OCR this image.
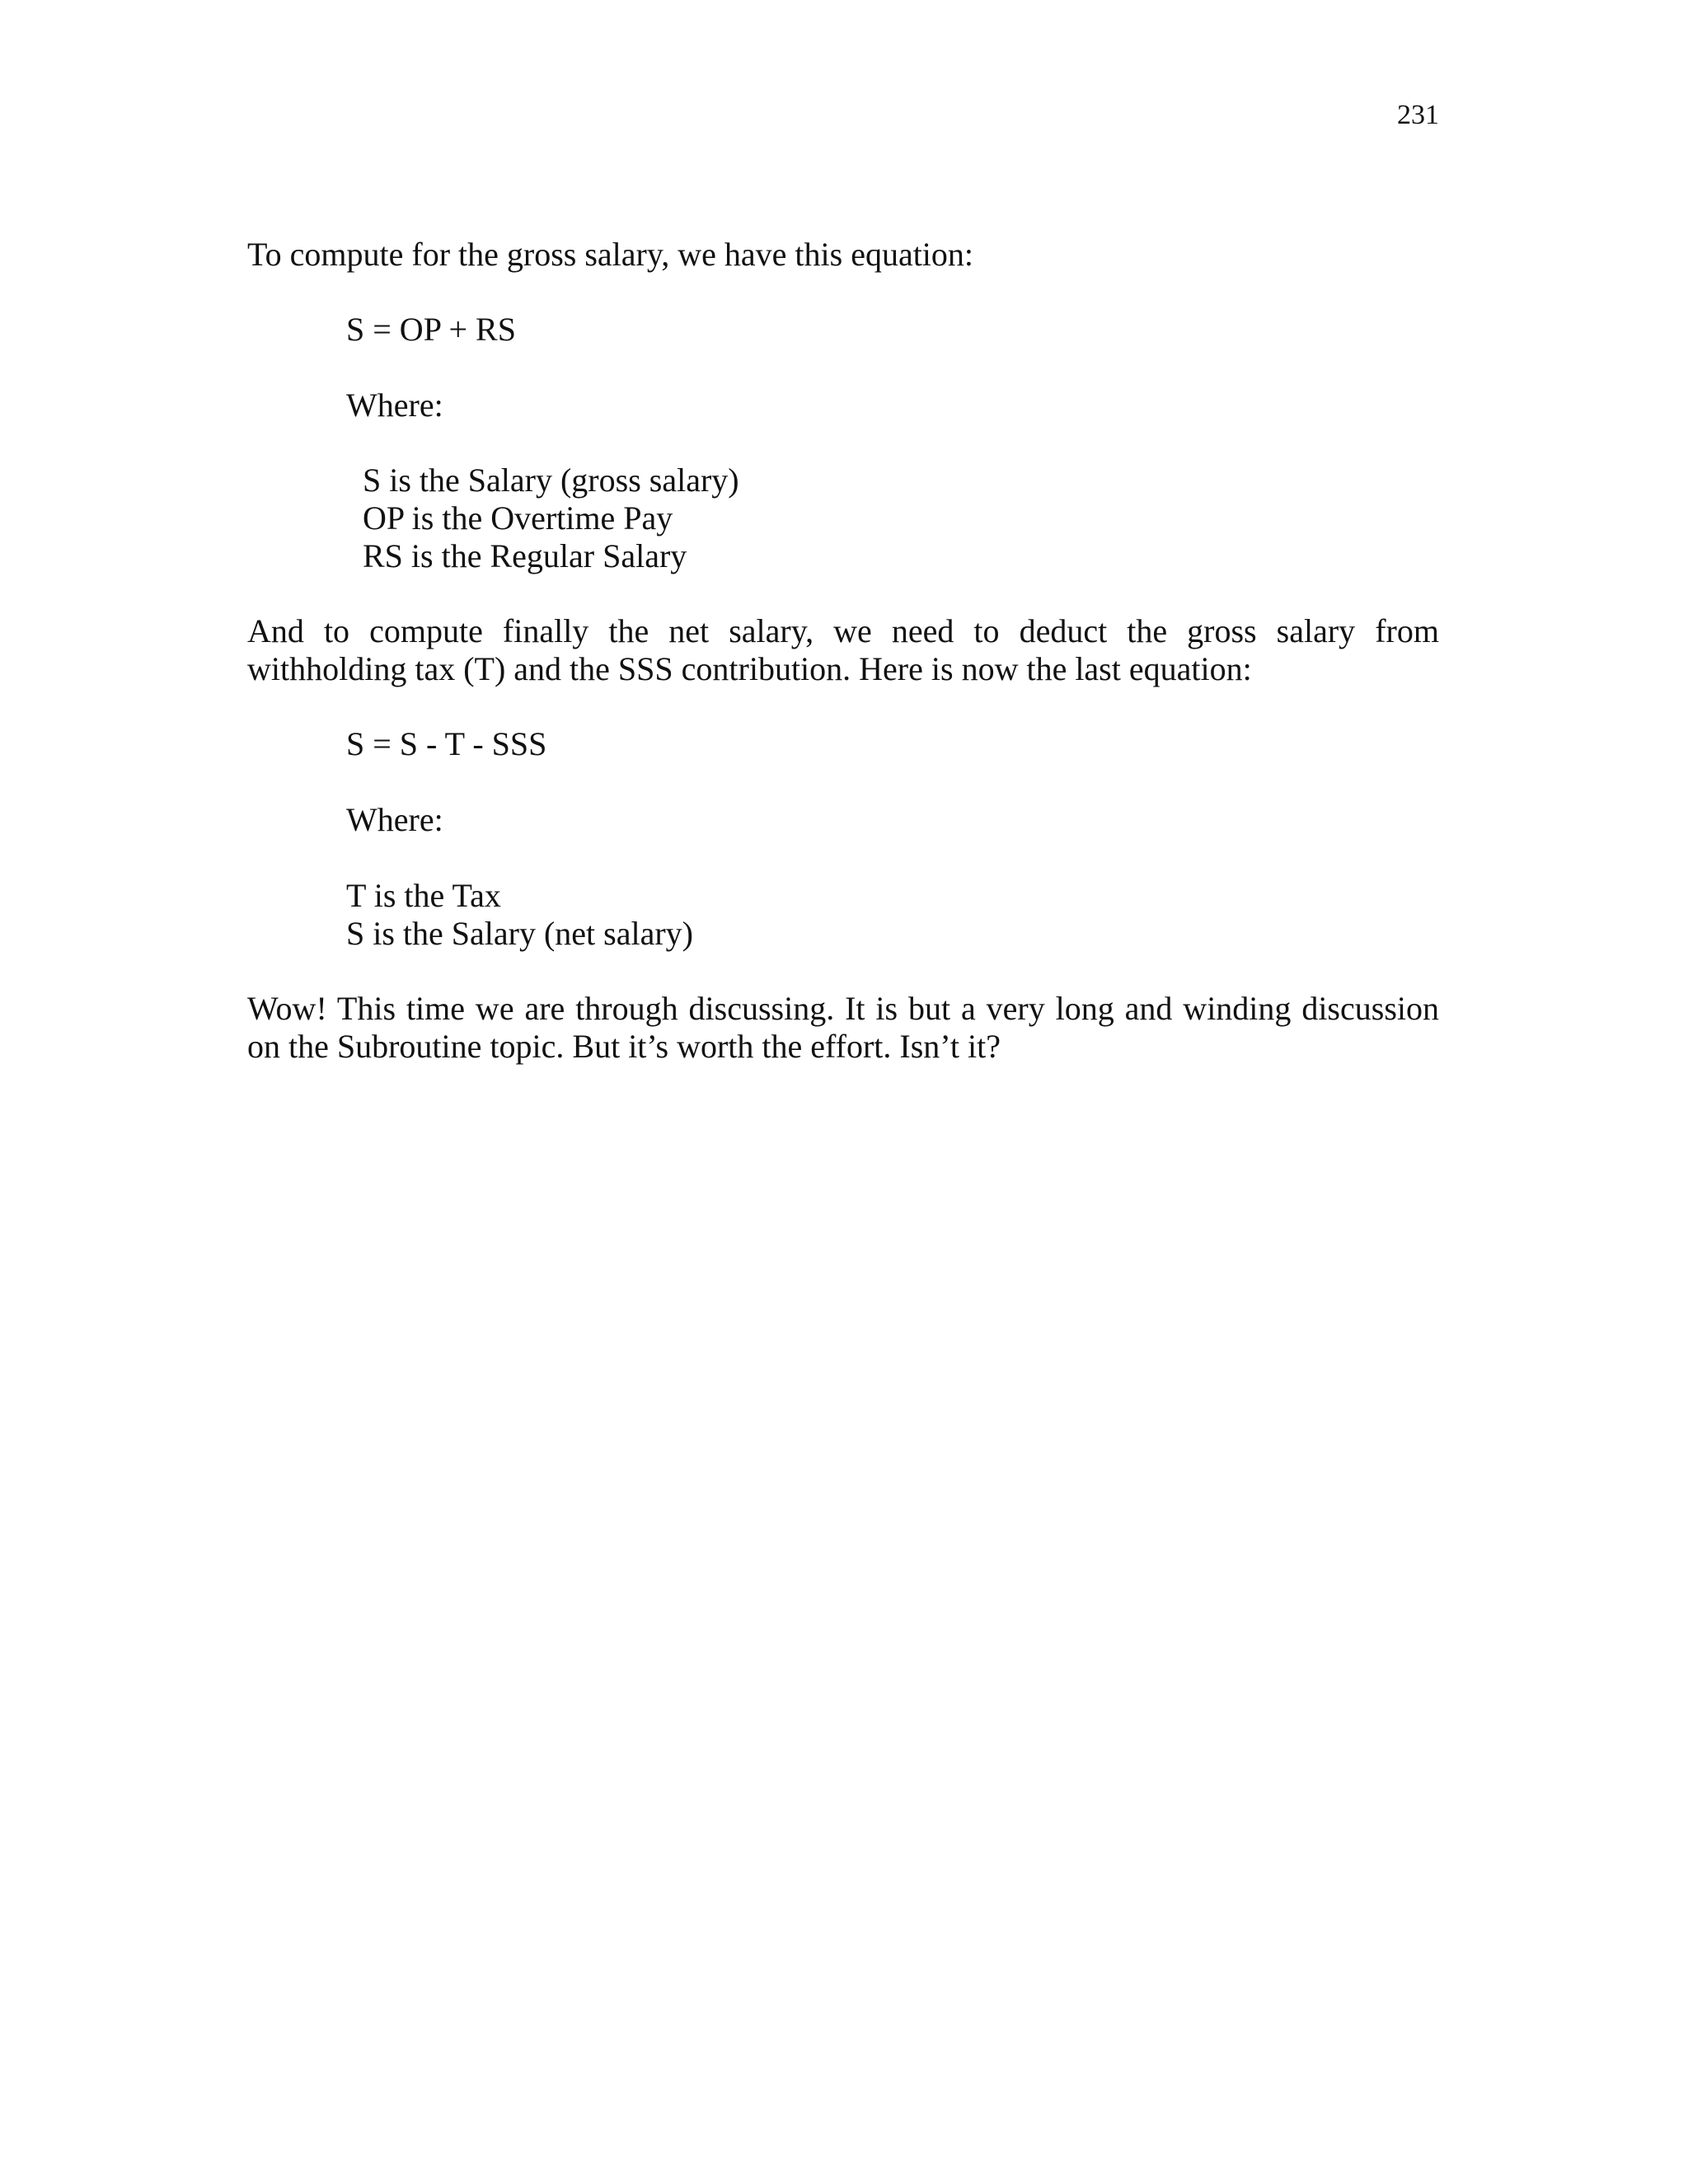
231
To compute for the gross salary, we have this equation:
S = OP + RS
Where:
S is the Salary (gross salary)
OP is the Overtime Pay
RS is the Regular Salary
And to compute finally the net salary, we need to deduct the gross salary from withholding tax (T) and the SSS contribution. Here is now the last equation:
S = S - T - SSS
Where:
T is the Tax
S is the Salary (net salary)
Wow! This time we are through discussing. It is but a very long and winding discussion on the Subroutine topic. But it’s worth the effort. Isn’t it?
